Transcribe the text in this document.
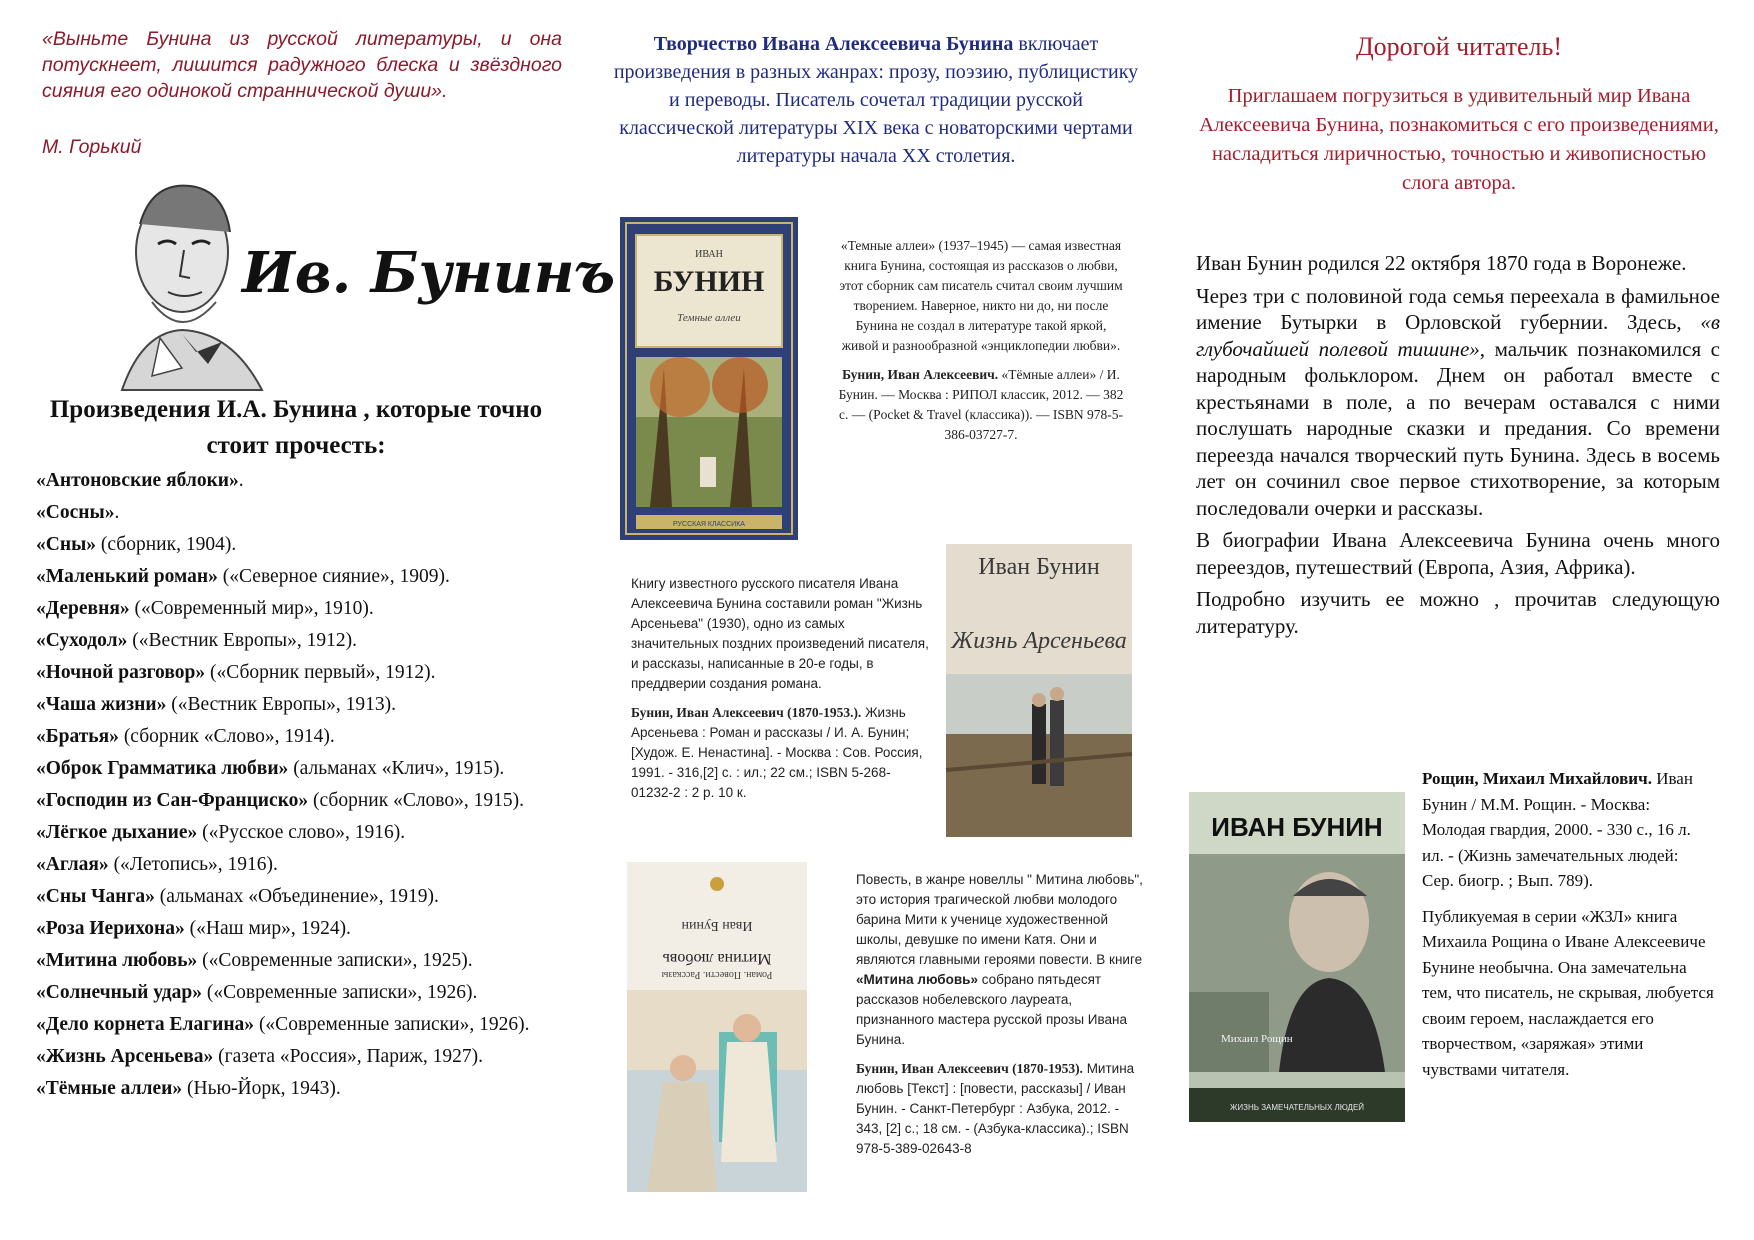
«Выньте Бунина из русской литературы, и она потускнеет, лишится радужного блеска и звёздного сияния его одинокой страннической души».
М. Горький
Ив. Бунинъ
Произведения И.А. Бунина , которые точно стоит прочесть:
«Антоновские яблоки».
«Сосны».
«Сны» (сборник, 1904).
«Маленький роман» («Северное сияние», 1909).
«Деревня» («Современный мир», 1910).
«Суходол» («Вестник Европы», 1912).
«Ночной разговор» («Сборник первый», 1912).
«Чаша жизни» («Вестник Европы», 1913).
«Братья» (сборник «Слово», 1914).
«Оброк Грамматика любви» (альманах «Клич», 1915).
«Господин из Сан-Франциско» (сборник «Слово», 1915).
«Лёгкое дыхание» («Русское слово», 1916).
«Аглая» («Летопись», 1916).
«Сны Чанга» (альманах «Объединение», 1919).
«Роза Иерихона» («Наш мир», 1924).
«Митина любовь» («Современные записки», 1925).
«Солнечный удар» («Современные записки», 1926).
«Дело корнета Елагина» («Современные записки», 1926).
«Жизнь Арсеньева» (газета «Россия», Париж, 1927).
«Тёмные аллеи» (Нью-Йорк, 1943).
Творчество Ивана Алексеевича Бунина включает произведения в разных жанрах: прозу, поэзию, публицистику и переводы. Писатель сочетал традиции русской классической литературы XIX века с новаторскими чертами литературы начала XX столетия.
ИВАН
БУНИН
Темные аллеи
РУССКАЯ КЛАССИКА

«Темные аллеи» (1937–1945) — самая известная книга Бунина, состоящая из рассказов о любви, этот сборник сам писатель считал своим лучшим творением. Наверное, никто ни до, ни после Бунина не создал в литературе такой яркой, живой и разнообразной «энциклопедии любви».

Бунин, Иван Алексеевич. «Тёмные аллеи» / И. Бунин. — Москва : РИПОЛ классик, 2012. — 382 с. — (Pocket & Travel (классика)). — ISBN 978-5-386-03727-7.

Книгу известного русского писателя Ивана Алексеевича Бунина составили роман "Жизнь Арсеньева" (1930), одно из самых значительных поздних произведений писателя, и рассказы, написанные в 20-е годы, в преддверии создания романа.

Бунин, Иван Алексеевич (1870-1953.). Жизнь Арсеньева : Роман и рассказы / И. А. Бунин; [Худож. Е. Ненастина]. - Москва : Сов. Россия, 1991. - 316,[2] с. : ил.; 22 см.; ISBN 5-268-01232-2 : 2 р. 10 к.

Иван Бунин
Жизнь Арсеньева
Иван Бунин
Митина любовь
Роман. Повести. Рассказы

Повесть, в жанре новеллы " Митина любовь", это история трагической любви молодого барина Мити к ученице художественной школы, девушке по имени Катя. Они и являются главными героями повести. В книге «Митина любовь» собрано пятьдесят рассказов нобелевского лауреата, признанного мастера русской прозы Ивана Бунина.

Бунин, Иван Алексеевич (1870-1953). Митина любовь [Текст] : [повести, рассказы] / Иван Бунин. - Санкт-Петербург : Азбука, 2012. - 343, [2] с.; 18 см. - (Азбука-классика).; ISBN 978-5-389-02643-8

Дорогой читатель!
Приглашаем погрузиться в удивительный мир Ивана Алексеевича Бунина, познакомиться с его произведениями, насладиться лиричностью, точностью и живописностью слога автора.

Иван Бунин родился 22 октября 1870 года в Воронеже.

Через три с половиной года семья переехала в фамильное имение Бутырки в Орловской губернии. Здесь, «в глубочайшей полевой тишине», мальчик познакомился с народным фольклором. Днем он работал вместе с крестьянами в поле, а по вечерам оставался с ними послушать народные сказки и предания. Со времени переезда начался творческий путь Бунина. Здесь в восемь лет он сочинил свое первое стихотворение, за которым последовали очерки и рассказы.

В биографии Ивана Алексеевича Бунина очень много переездов, путешествий (Европа, Азия, Африка).

Подробно изучить ее можно , прочитав следующую литературу.

ИВАН БУНИН
Михаил Рощин
ЖИЗНЬ ЗАМЕЧАТЕЛЬНЫХ ЛЮДЕЙ

Рощин, Михаил Михайлович. Иван Бунин / М.М. Рощин. - Москва: Молодая гвардия, 2000. - 330 с., 16 л. ил. - (Жизнь замечательных людей: Сер. биогр. ; Вып. 789).

Публикуемая в серии «ЖЗЛ» книга Михаила Рощина о Иване Алексеевиче Бунине необычна. Она замечательна тем, что писатель, не скрывая, любуется своим героем, наслаждается его творчеством, «заряжая» этими чувствами читателя.
